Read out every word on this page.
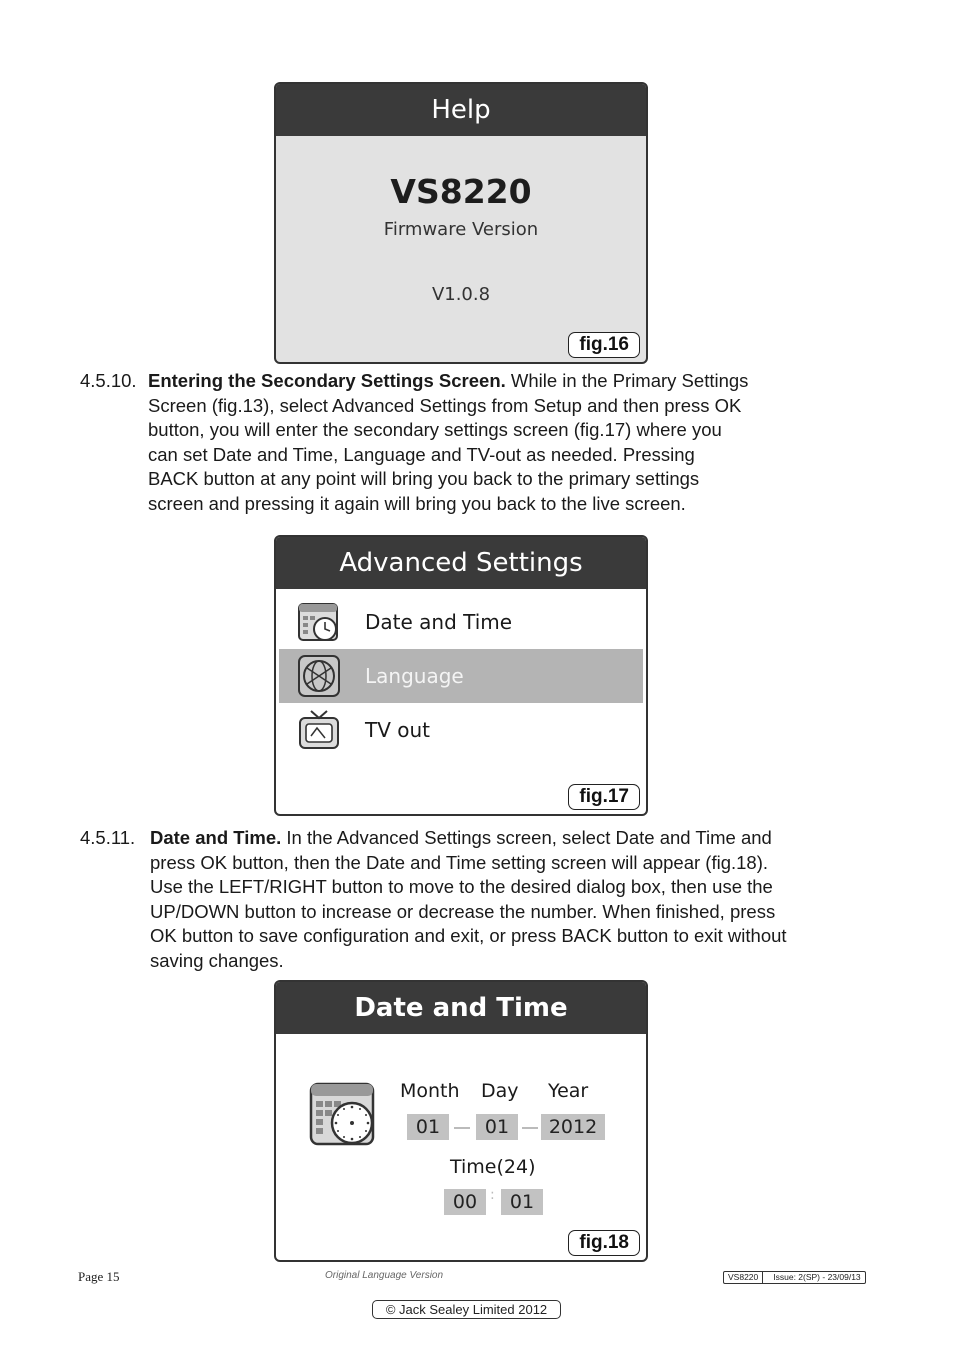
Help
VS8220
Firmware Version
V1.0.8
fig.16
4.5.10. Entering the Secondary Settings Screen. While in the Primary Settings
Screen (fig.13), select Advanced Settings from Setup and then press OK
button, you will enter the secondary settings screen (fig.17) where you
can set Date and Time, Language and TV-out as needed. Pressing
BACK button at any point will bring you back to the primary settings
screen and pressing it again will bring you back to the live screen.
Advanced Settings
Date and Time
Language
TV out
fig.17
4.5.11. Date and Time. In the Advanced Settings screen, select Date and Time and
press OK button, then the Date and Time setting screen will appear (fig.18).
Use the LEFT/RIGHT button to move to the desired dialog box, then use the
UP/DOWN button to increase or decrease the number. When finished, press
OK button to save configuration and exit, or press BACK button to exit without
saving changes.
Date and Time
Month Day Year
01	01	2012
Time(24)
00 : 01
fig.18
Page 15	Original Language Version	VS8220	Issue: 2(SP) - 23/09/13
© Jack Sealey Limited 2012
